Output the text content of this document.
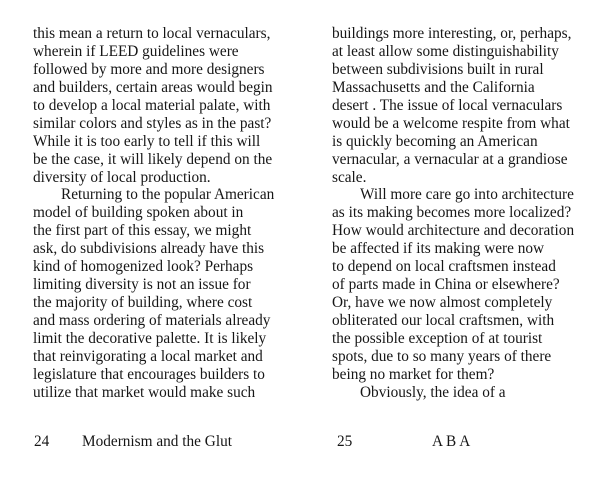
this mean a return to local vernaculars,
wherein if LEED guidelines were
followed by more and more designers
and builders, certain areas would begin
to develop a local material palate, with
similar colors and styles as in the past?
While it is too early to tell if this will
be the case, it will likely depend on the
diversity of local production.
Returning to the popular American
model of building spoken about in
the first part of this essay, we might
ask, do subdivisions already have this
kind of homogenized look? Perhaps
limiting diversity is not an issue for
the majority of building, where cost
and mass ordering of materials already
limit the decorative palette. It is likely
that reinvigorating a local market and
legislature that encourages builders to
utilize that market would make such
24 Modernism and the Glut
buildings more interesting, or, perhaps,
at least allow some distinguishability
between subdivisions built in rural
Massachusetts and the California
desert . The issue of local vernaculars
would be a welcome respite from what
is quickly becoming an American
vernacular, a vernacular at a grandiose
scale.
Will more care go into architecture
as its making becomes more localized?
How would architecture and decoration
be affected if its making were now
to depend on local craftsmen instead
of parts made in China or elsewhere?
Or, have we now almost completely
obliterated our local craftsmen, with
the possible exception of at tourist
spots, due to so many years of there
being no market for them?
Obviously, the idea of a
25	A B A
